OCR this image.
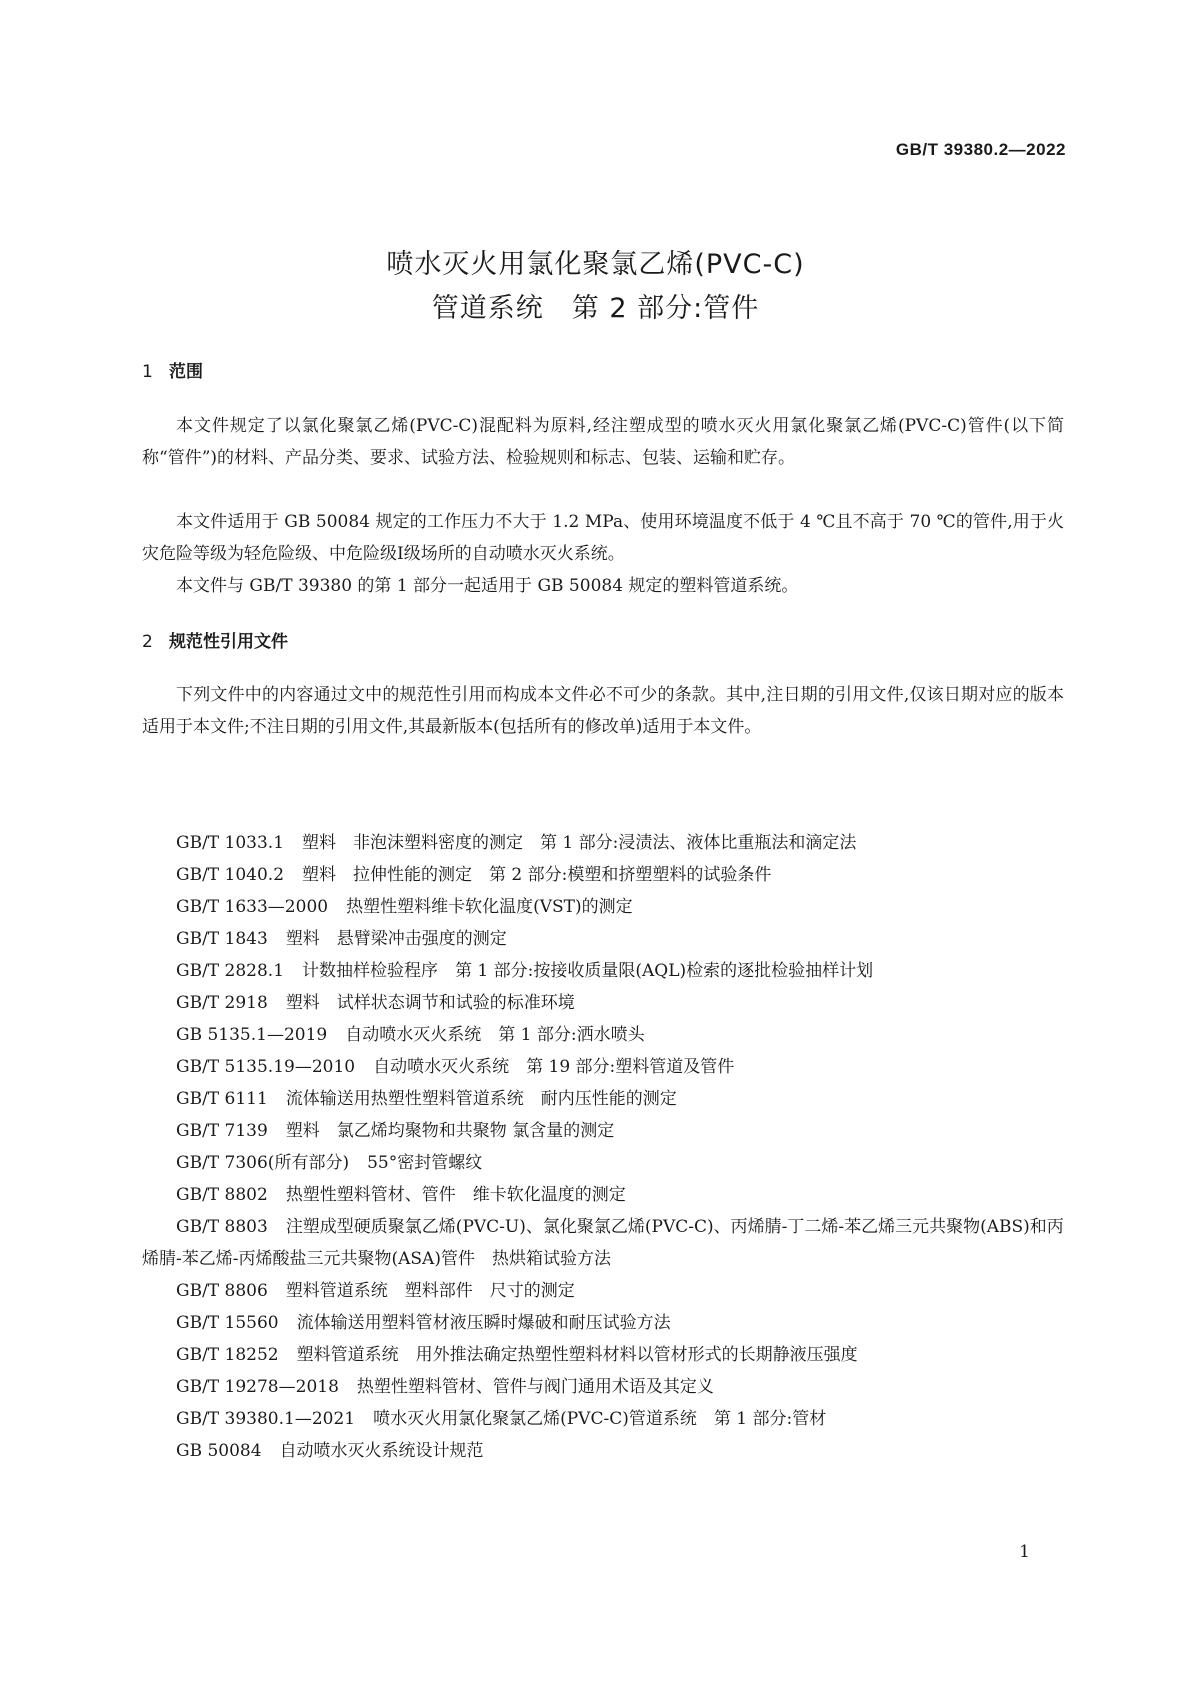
GB/T 39380.2—2022
喷水灭火用氯化聚氯乙烯(PVC-C)
管道系统　第 2 部分:管件
1 范围
本文件规定了以氯化聚氯乙烯(PVC-C)混配料为原料,经注塑成型的喷水灭火用氯化聚氯乙烯(PVC-C)管件(以下简称“管件”)的材料、产品分类、要求、试验方法、检验规则和标志、包装、运输和贮存。
本文件适用于 GB 50084 规定的工作压力不大于 1.2 MPa、使用环境温度不低于 4 ℃且不高于 70 ℃的管件,用于火灾危险等级为轻危险级、中危险级Ⅰ级场所的自动喷水灭火系统。
本文件与 GB/T 39380 的第 1 部分一起适用于 GB 50084 规定的塑料管道系统。
2 规范性引用文件
下列文件中的内容通过文中的规范性引用而构成本文件必不可少的条款。其中,注日期的引用文件,仅该日期对应的版本适用于本文件;不注日期的引用文件,其最新版本(包括所有的修改单)适用于本文件。
GB/T 1033.1 塑料　非泡沫塑料密度的测定　第 1 部分:浸渍法、液体比重瓶法和滴定法
GB/T 1040.2 塑料　拉伸性能的测定　第 2 部分:模塑和挤塑塑料的试验条件
GB/T 1633—2000 热塑性塑料维卡软化温度(VST)的测定
GB/T 1843 塑料　悬臂梁冲击强度的测定
GB/T 2828.1 计数抽样检验程序　第 1 部分:按接收质量限(AQL)检索的逐批检验抽样计划
GB/T 2918 塑料　试样状态调节和试验的标准环境
GB 5135.1—2019 自动喷水灭火系统　第 1 部分:洒水喷头
GB/T 5135.19—2010 自动喷水灭火系统　第 19 部分:塑料管道及管件
GB/T 6111 流体输送用热塑性塑料管道系统　耐内压性能的测定
GB/T 7139 塑料　氯乙烯均聚物和共聚物 氯含量的测定
GB/T 7306(所有部分) 55°密封管螺纹
GB/T 8802 热塑性塑料管材、管件　维卡软化温度的测定
GB/T 8803 注塑成型硬质聚氯乙烯(PVC-U)、氯化聚氯乙烯(PVC-C)、丙烯腈-丁二烯-苯乙烯三元共聚物(ABS)和丙烯腈-苯乙烯-丙烯酸盐三元共聚物(ASA)管件　热烘箱试验方法
GB/T 8806 塑料管道系统　塑料部件　尺寸的测定
GB/T 15560 流体输送用塑料管材液压瞬时爆破和耐压试验方法
GB/T 18252 塑料管道系统　用外推法确定热塑性塑料材料以管材形式的长期静液压强度
GB/T 19278—2018 热塑性塑料管材、管件与阀门通用术语及其定义
GB/T 39380.1—2021 喷水灭火用氯化聚氯乙烯(PVC-C)管道系统　第 1 部分:管材
GB 50084 自动喷水灭火系统设计规范
1
